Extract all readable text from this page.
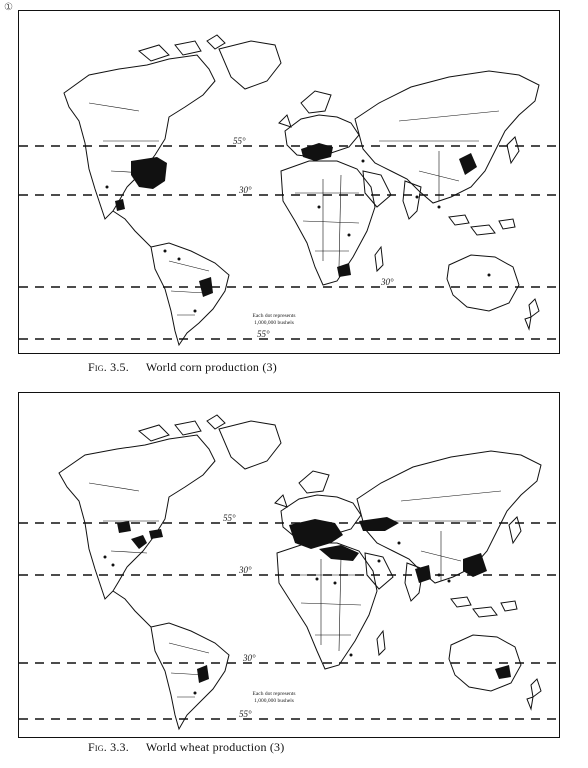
①
55°
30°
30°
55°
Each dot represents
1,000,000 bushels
Fig. 3.5. World corn production (3)
55°
30°
30°
55°
Each dot represents
1,000,000 bushels
Fig. 3.3. World wheat production (3)
